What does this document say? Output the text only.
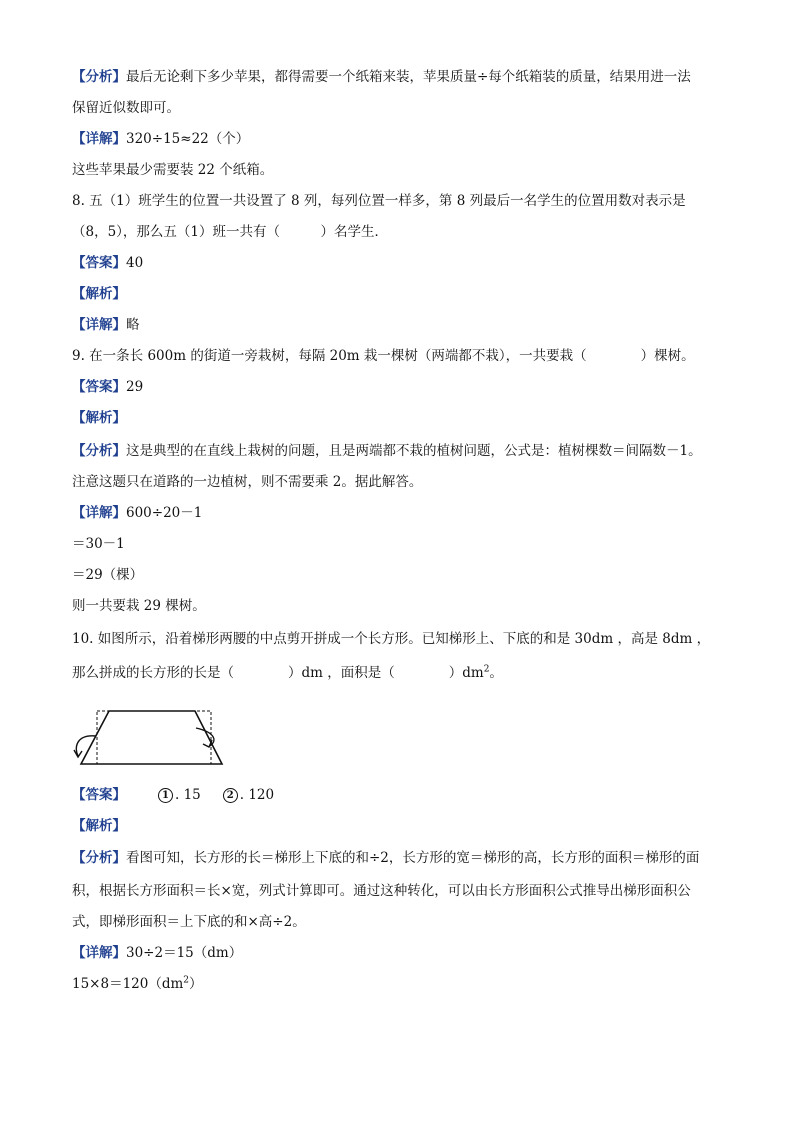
【分析】最后无论剩下多少苹果，都得需要一个纸箱来装，苹果质量÷每个纸箱装的质量，结果用进一法
保留近似数即可。
【详解】320÷15≈22（个）
这些苹果最少需要装 22 个纸箱。
8. 五（1）班学生的位置一共设置了 8 列，每列位置一样多，第 8 列最后一名学生的位置用数对表示是
（8，5），那么五（1）班一共有（　　　）名学生．
【答案】40
【解析】
【详解】略
9. 在一条长 600m 的街道一旁栽树，每隔 20m 栽一棵树（两端都不栽），一共要栽（　　　　）棵树。
【答案】29
【解析】
【分析】这是典型的在直线上栽树的问题，且是两端都不栽的植树问题，公式是：植树棵数＝间隔数－1。
注意这题只在道路的一边植树，则不需要乘 2。据此解答。
【详解】600÷20－1
＝30－1
＝29（棵）
则一共要栽 29 棵树。
10. 如图所示，沿着梯形两腰的中点剪开拼成一个长方形。已知梯形上、下底的和是 30dm ，高是 8dm ，
那么拼成的长方形的长是（　　　　）dm ，面积是（　　　　）$dm^2$。
【答案】	1 . 15	2 . 120
【解析】
【分析】看图可知，长方形的长＝梯形上下底的和÷2，长方形的宽＝梯形的高，长方形的面积＝梯形的面
积，根据长方形面积＝长×宽，列式计算即可。通过这种转化，可以由长方形面积公式推导出梯形面积公
式，即梯形面积＝上下底的和×高÷2。
【详解】30÷2＝15（dm）
$15\times 8=120(dm^2)$
